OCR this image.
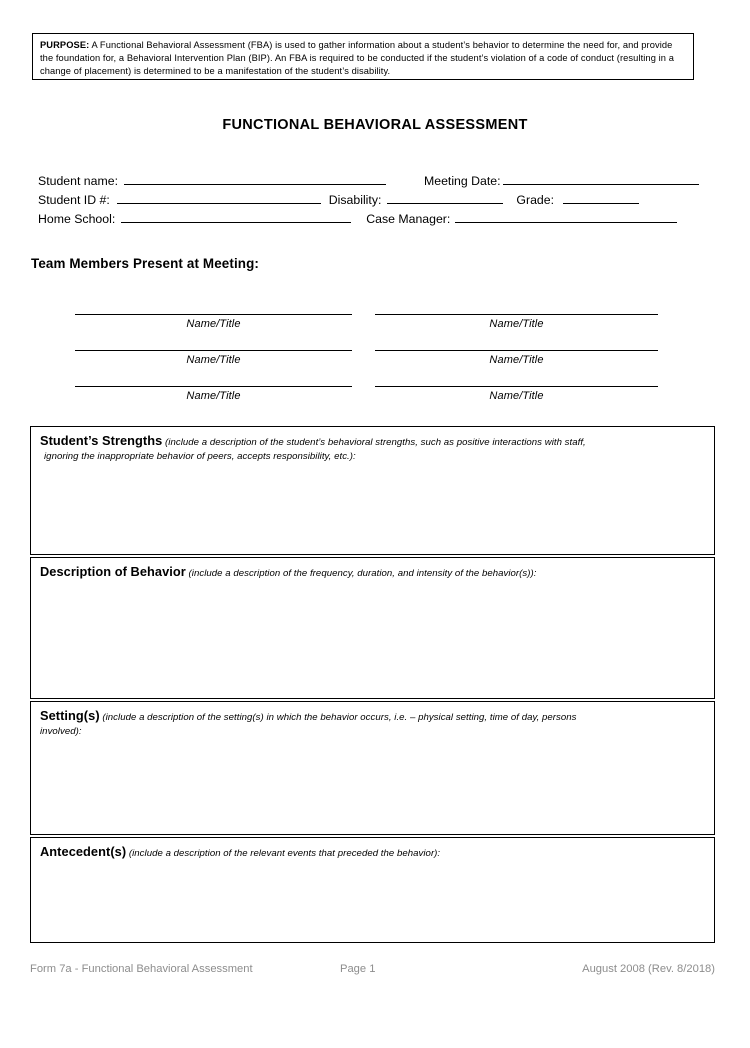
PURPOSE: A Functional Behavioral Assessment (FBA) is used to gather information about a student’s behavior to determine the need for, and provide the foundation for, a Behavioral Intervention Plan (BIP). An FBA is required to be conducted if the student’s violation of a code of conduct (resulting in a change of placement) is determined to be a manifestation of the student’s disability.
FUNCTIONAL BEHAVIORAL ASSESSMENT
Student name:	Meeting Date:
Student ID #:	Disability:	Grade:
Home School:	Case Manager:
Team Members Present at Meeting:
Name/Title
Name/Title
Name/Title
Name/Title
Name/Title
Name/Title
Student’s Strengths (include a description of the student’s behavioral strengths, such as positive interactions with staff,
ignoring the inappropriate behavior of peers, accepts responsibility, etc.):
Description of Behavior (include a description of the frequency, duration, and intensity of the behavior(s)):
Setting(s) (include a description of the setting(s) in which the behavior occurs, i.e. – physical setting, time of day, persons
involved):
Antecedent(s) (include a description of the relevant events that preceded the behavior):
Form 7a - Functional Behavioral Assessment	Page 1	August 2008 (Rev. 8/2018)
